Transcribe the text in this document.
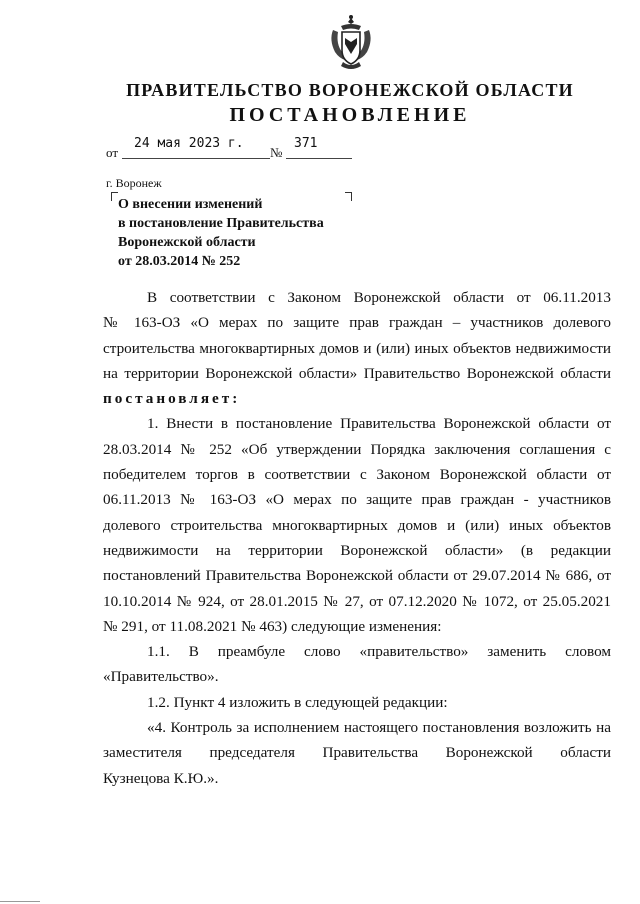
ПРАВИТЕЛЬСТВО ВОРОНЕЖСКОЙ ОБЛАСТИ
ПОСТАНОВЛЕНИЕ
от
24 мая 2023 г.
№
371
г. Воронеж
О внесении изменений
в постановление Правительства
Воронежской области
от 28.03.2014 № 252
В соответствии с Законом Воронежской области от 06.11.2013
№ 163-ОЗ «О мерах по защите прав граждан – участников долевого
строительства многоквартирных домов и (или) иных объектов недвижимости
на территории Воронежской области» Правительство Воронежской области
постановляет:
1. Внести в постановление Правительства Воронежской области от
28.03.2014 № 252 «Об утверждении Порядка заключения соглашения с
победителем торгов в соответствии с Законом Воронежской области от
06.11.2013 № 163-ОЗ «О мерах по защите прав граждан - участников
долевого строительства многоквартирных домов и (или) иных объектов
недвижимости на территории Воронежской области» (в редакции
постановлений Правительства Воронежской области от 29.07.2014 № 686, от
10.10.2014 № 924, от 28.01.2015 № 27, от 07.12.2020 № 1072, от 25.05.2021
№ 291, от 11.08.2021 № 463) следующие изменения:
1.1. В преамбуле слово «правительство» заменить словом
«Правительство».
1.2. Пункт 4 изложить в следующей редакции:
«4. Контроль за исполнением настоящего постановления возложить на
заместителя председателя Правительства Воронежской области
Кузнецова К.Ю.».
